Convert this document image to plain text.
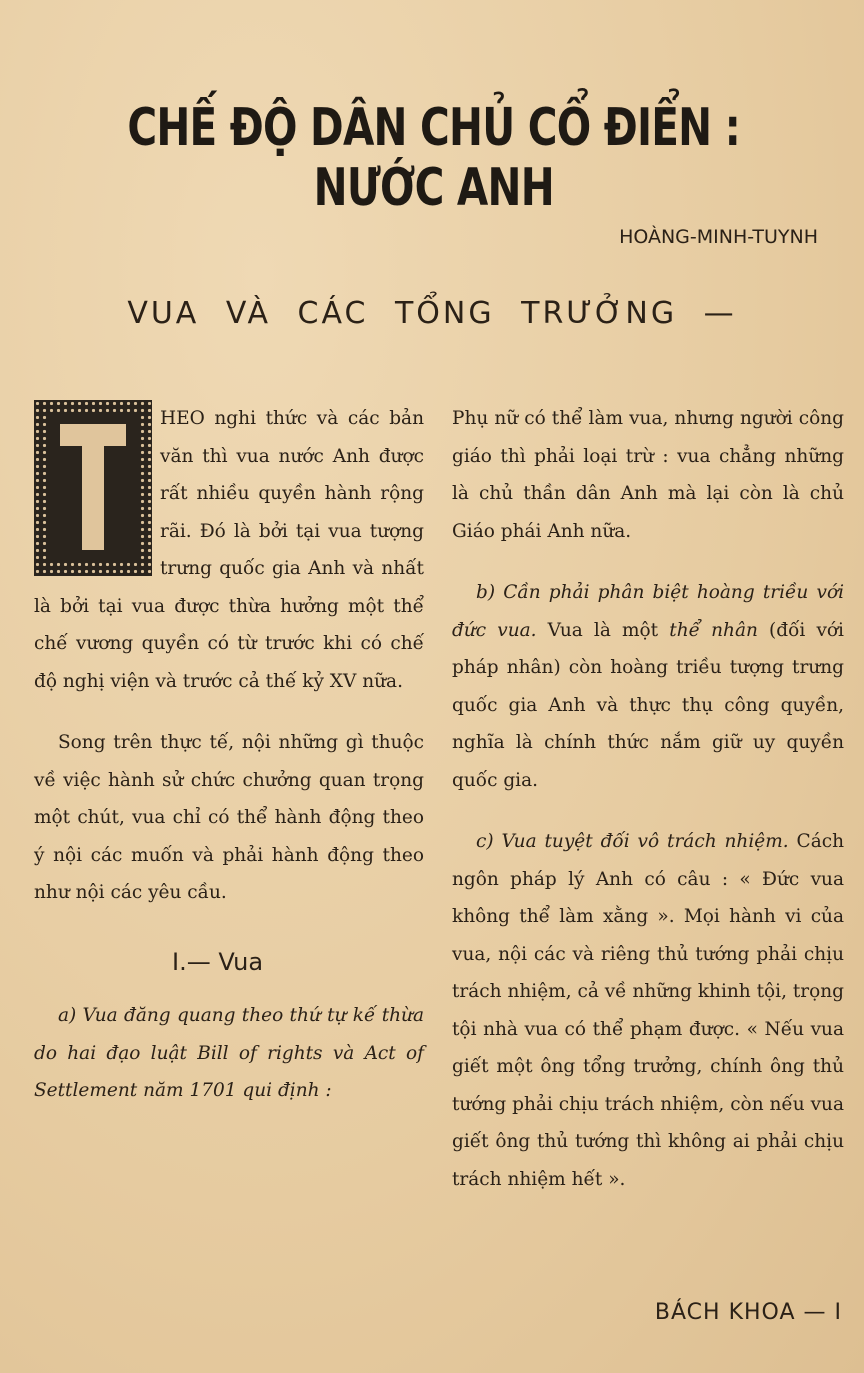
CHẾ ĐỘ DÂN CHỦ CỔ ĐIỂN : NƯỚC ANH
HOÀNG-MINH-TUYNH
VUA VÀ CÁC TỔNG TRƯỞNG —

HEO nghi thức và các bản văn thì vua nước Anh được rất nhiều quyền hành rộng rãi. Đó là bởi tại vua tượng trưng quốc gia Anh và nhất là bởi tại vua được thừa hưởng một thể chế vương quyền có từ trước khi có chế độ nghị viện và trước cả thế kỷ XV nữa.

Song trên thực tế, nội những gì thuộc về việc hành sử chức chưởng quan trọng một chút, vua chỉ có thể hành động theo ý nội các muốn và phải hành động theo như nội các yêu cầu.

I.— Vua

a) Vua đăng quang theo thứ tự kế thừa do hai đạo luật Bill of rights và Act of Settlement năm 1701 qui định :

Phụ nữ có thể làm vua, nhưng người công giáo thì phải loại trừ : vua chẳng những là chủ thần dân Anh mà lại còn là chủ Giáo phái Anh nữa.

b) Cần phải phân biệt hoàng triều với đức vua. Vua là một thể nhân (đối với pháp nhân) còn hoàng triều tượng trưng quốc gia Anh và thực thụ công quyền, nghĩa là chính thức nắm giữ uy quyền quốc gia.

c) Vua tuyệt đối vô trách nhiệm. Cách ngôn pháp lý Anh có câu : « Đức vua không thể làm xằng ». Mọi hành vi của vua, nội các và riêng thủ tướng phải chịu trách nhiệm, cả về những khinh tội, trọng tội nhà vua có thể phạm được. « Nếu vua giết một ông tổng trưởng, chính ông thủ tướng phải chịu trách nhiệm, còn nếu vua giết ông thủ tướng thì không ai phải chịu trách nhiệm hết ».

BÁCH KHOA — I
